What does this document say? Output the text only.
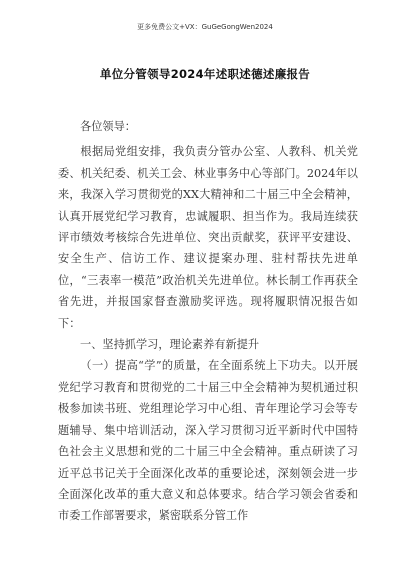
更多免费公文+VX：GuGeGongWen2024
单位分管领导2024年述职述德述廉报告

各位领导：

根据局党组安排，我负责分管办公室、人教科、机关党委、机关纪委、机关工会、林业事务中心等部门。2024年以来，我深入学习贯彻党的XX大精神和二十届三中全会精神，认真开展党纪学习教育，忠诚履职、担当作为。我局连续获评市绩效考核综合先进单位、突出贡献奖，获评平安建设、安全生产、信访工作、建议提案办理、驻村帮扶先进单位，“三表率一模范”政治机关先进单位。林长制工作再获全省先进，并报国家督查激励奖评选。现将履职情况报告如下：

一、坚持抓学习，理论素养有新提升

（一）提高“学”的质量，在全面系统上下功夫。以开展党纪学习教育和贯彻党的二十届三中全会精神为契机通过积极参加读书班、党组理论学习中心组、青年理论学习会等专题辅导、集中培训活动，深入学习贯彻习近平新时代中国特色社会主义思想和党的二十届三中全会精神。重点研读了习近平总书记关于全面深化改革的重要论述，深刻领会进一步全面深化改革的重大意义和总体要求。结合学习领会省委和市委工作部署要求，紧密联系分管工作
